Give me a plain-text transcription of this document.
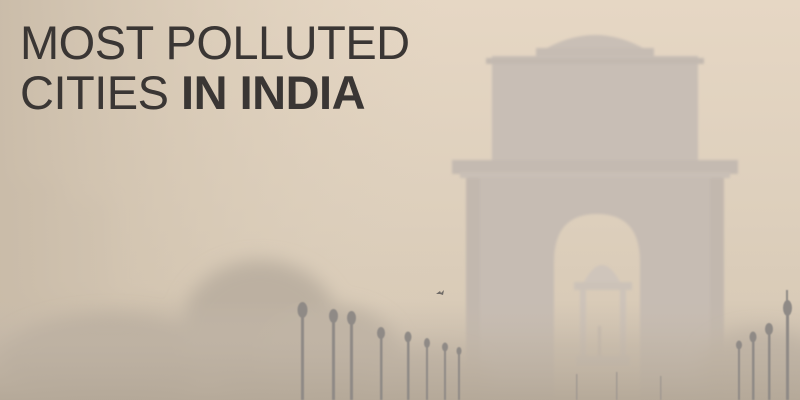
MOST POLLUTED
CITIES IN INDIA
